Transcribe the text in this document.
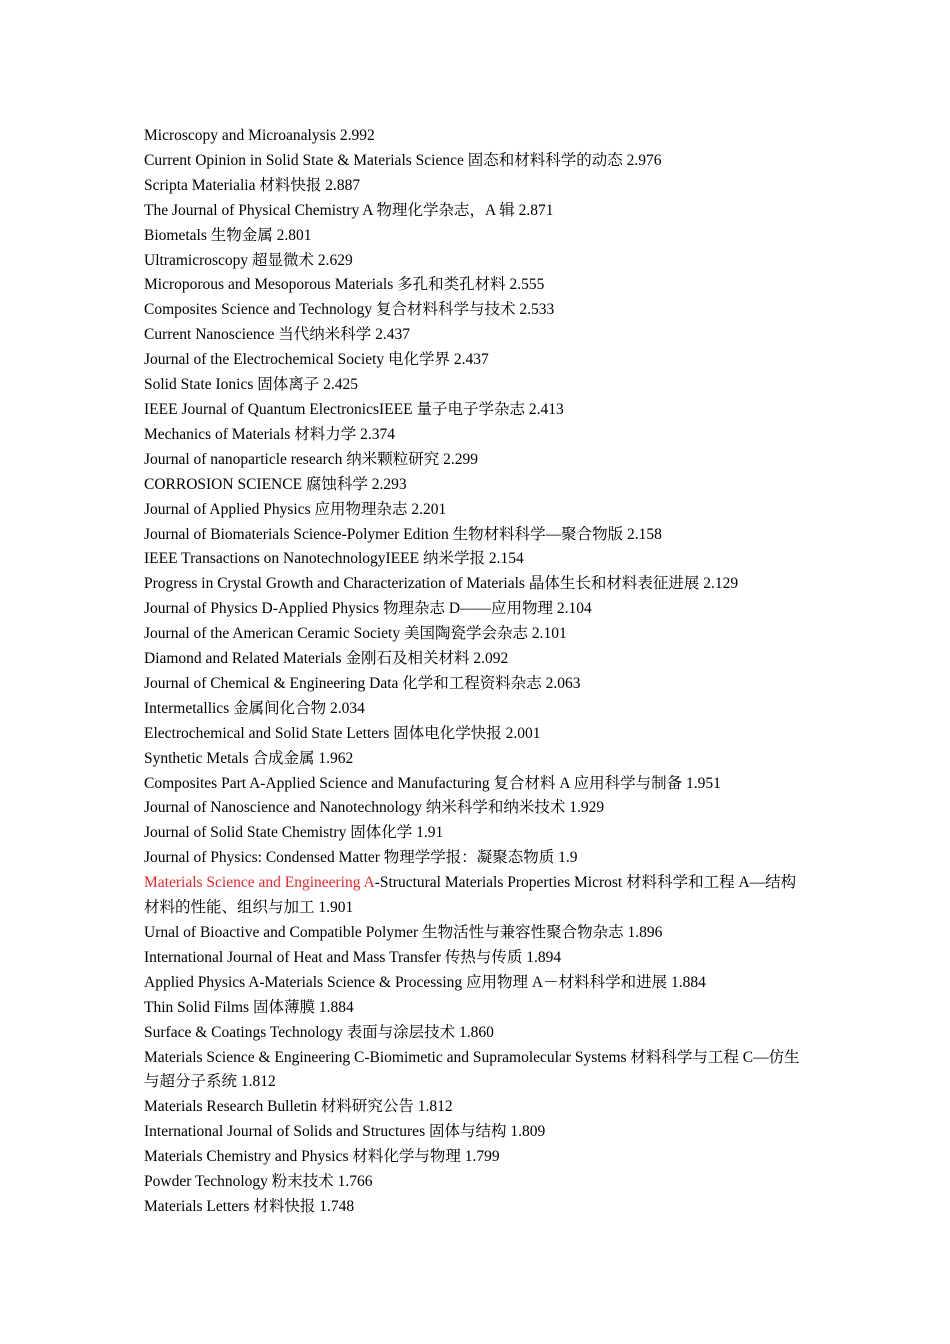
Microscopy and Microanalysis 2.992

Current Opinion in Solid State & Materials Science 固态和材料科学的动态 2.976

Scripta Materialia 材料快报 2.887

The Journal of Physical Chemistry A 物理化学杂志，A 辑 2.871

Biometals 生物金属 2.801

Ultramicroscopy 超显微术 2.629

Microporous and Mesoporous Materials 多孔和类孔材料 2.555

Composites Science and Technology 复合材料科学与技术 2.533

Current Nanoscience 当代纳米科学 2.437

Journal of the Electrochemical Society 电化学界 2.437

Solid State Ionics 固体离子 2.425

IEEE Journal of Quantum ElectronicsIEEE 量子电子学杂志 2.413

Mechanics of Materials 材料力学 2.374

Journal of nanoparticle research 纳米颗粒研究 2.299

CORROSION SCIENCE 腐蚀科学 2.293

Journal of Applied Physics 应用物理杂志 2.201

Journal of Biomaterials Science-Polymer Edition 生物材料科学—聚合物版 2.158

IEEE Transactions on NanotechnologyIEEE 纳米学报 2.154

Progress in Crystal Growth and Characterization of Materials 晶体生长和材料表征进展 2.129

Journal of Physics D-Applied Physics 物理杂志 D——应用物理 2.104

Journal of the American Ceramic Society 美国陶瓷学会杂志 2.101

Diamond and Related Materials 金刚石及相关材料 2.092

Journal of Chemical & Engineering Data 化学和工程资料杂志 2.063

Intermetallics 金属间化合物 2.034

Electrochemical and Solid State Letters 固体电化学快报 2.001

Synthetic Metals 合成金属 1.962

Composites Part A-Applied Science and Manufacturing 复合材料 A 应用科学与制备 1.951

Journal of Nanoscience and Nanotechnology 纳米科学和纳米技术 1.929

Journal of Solid State Chemistry 固体化学 1.91

Journal of Physics: Condensed Matter 物理学学报：凝聚态物质 1.9

Materials Science and Engineering A-Structural Materials Properties Microst 材料科学和工程 A—结构材料的性能、组织与加工 1.901

Urnal of Bioactive and Compatible Polymer 生物活性与兼容性聚合物杂志 1.896

International Journal of Heat and Mass Transfer 传热与传质 1.894

Applied Physics A-Materials Science & Processing 应用物理 A－材料科学和进展 1.884

Thin Solid Films 固体薄膜 1.884

Surface & Coatings Technology 表面与涂层技术 1.860

Materials Science & Engineering C-Biomimetic and Supramolecular Systems 材料科学与工程 C—仿生与超分子系统 1.812

Materials Research Bulletin 材料研究公告 1.812

International Journal of Solids and Structures 固体与结构 1.809

Materials Chemistry and Physics 材料化学与物理 1.799

Powder Technology 粉末技术 1.766

Materials Letters 材料快报 1.748
